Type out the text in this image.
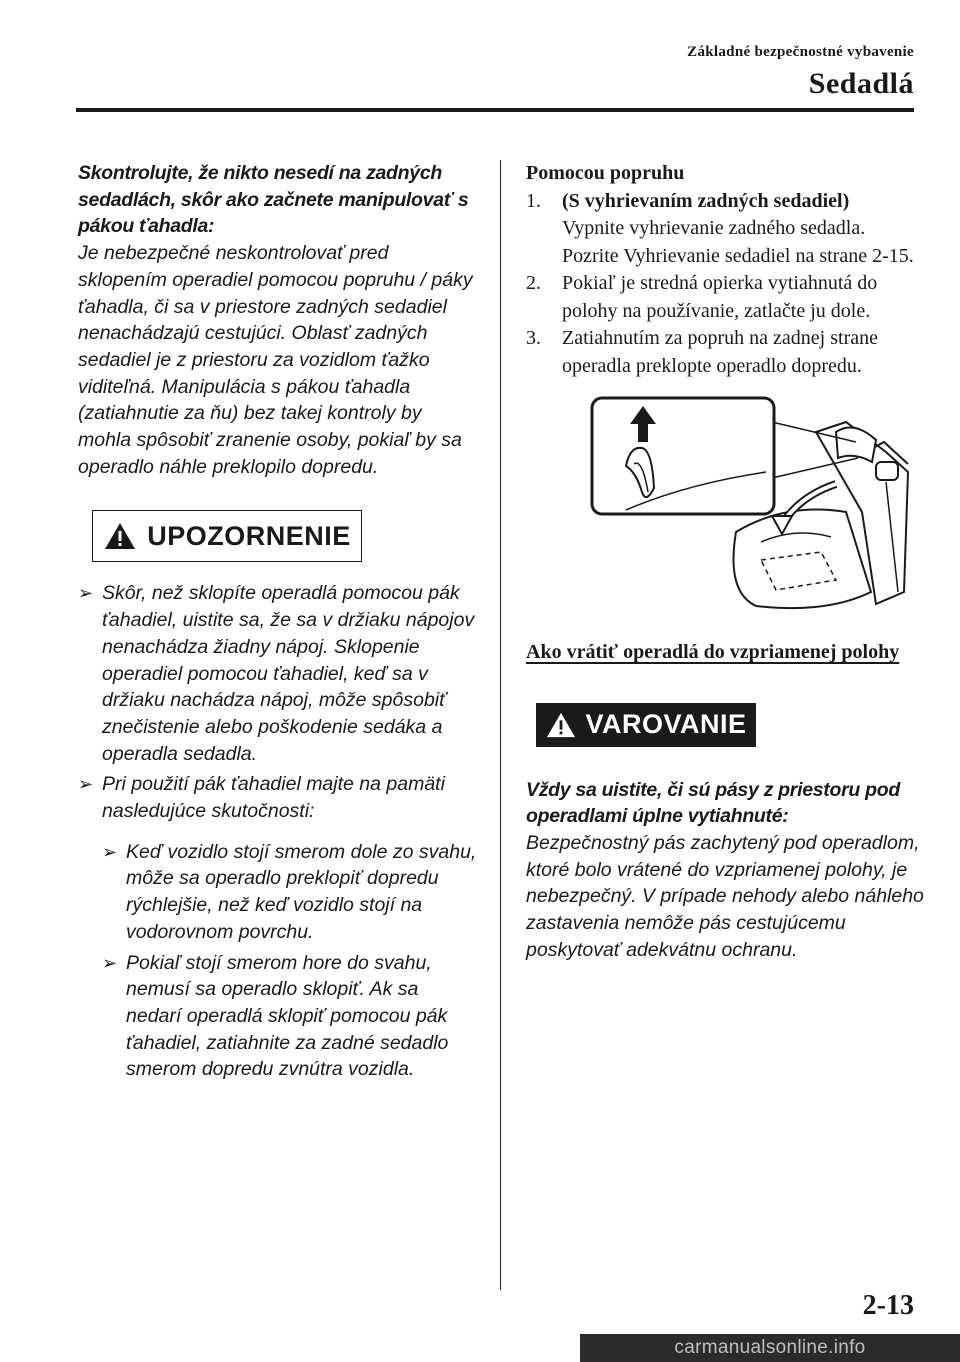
Základné bezpečnostné vybavenie
Sedadlá
Skontrolujte, že nikto nesedí na zadných sedadlách, skôr ako začnete manipulovať s pákou ťahadla:
Je nebezpečné neskontrolovať pred sklopením operadiel pomocou popruhu / páky ťahadla, či sa v priestore zadných sedadiel nenachádzajú cestujúci. Oblasť zadných sedadiel je z priestoru za vozidlom ťažko viditeľná. Manipulácia s pákou ťahadla (zatiahnutie za ňu) bez takej kontroly by mohla spôsobiť zranenie osoby, pokiaľ by sa operadlo náhle preklopilo dopredu.
UPOZORNENIE
➢ Skôr, než sklopíte operadlá pomocou pák ťahadiel, uistite sa, že sa v držiaku nápojov nenachádza žiadny nápoj. Sklopenie operadiel pomocou ťahadiel, keď sa v držiaku nachádza nápoj, môže spôsobiť znečistenie alebo poškodenie sedáka a operadla sedadla.
➢ Pri použití pák ťahadiel majte na pamäti nasledujúce skutočnosti:
➢ Keď vozidlo stojí smerom dole zo svahu, môže sa operadlo preklopiť dopredu rýchlejšie, než keď vozidlo stojí na vodorovnom povrchu.
➢ Pokiaľ stojí smerom hore do svahu, nemusí sa operadlo sklopiť. Ak sa nedarí operadlá sklopiť pomocou pák ťahadiel, zatiahnite za zadné sedadlo smerom dopredu zvnútra vozidla.
Pomocou popruhu
1. (S vyhrievaním zadných sedadiel)
Vypnite vyhrievanie zadného sedadla. Pozrite Vyhrievanie sedadiel na strane 2-15.
2. Pokiaľ je stredná opierka vytiahnutá do polohy na používanie, zatlačte ju dole.
3. Zatiahnutím za popruh na zadnej strane operadla preklopte operadlo dopredu.
Ako vrátiť operadlá do vzpriamenej polohy
VAROVANIE
Vždy sa uistite, či sú pásy z priestoru pod operadlami úplne vytiahnuté:
Bezpečnostný pás zachytený pod operadlom, ktoré bolo vrátené do vzpriamenej polohy, je nebezpečný. V prípade nehody alebo náhleho zastavenia nemôže pás cestujúcemu poskytovať adekvátnu ochranu.
2-13
carmanualsonline.info
